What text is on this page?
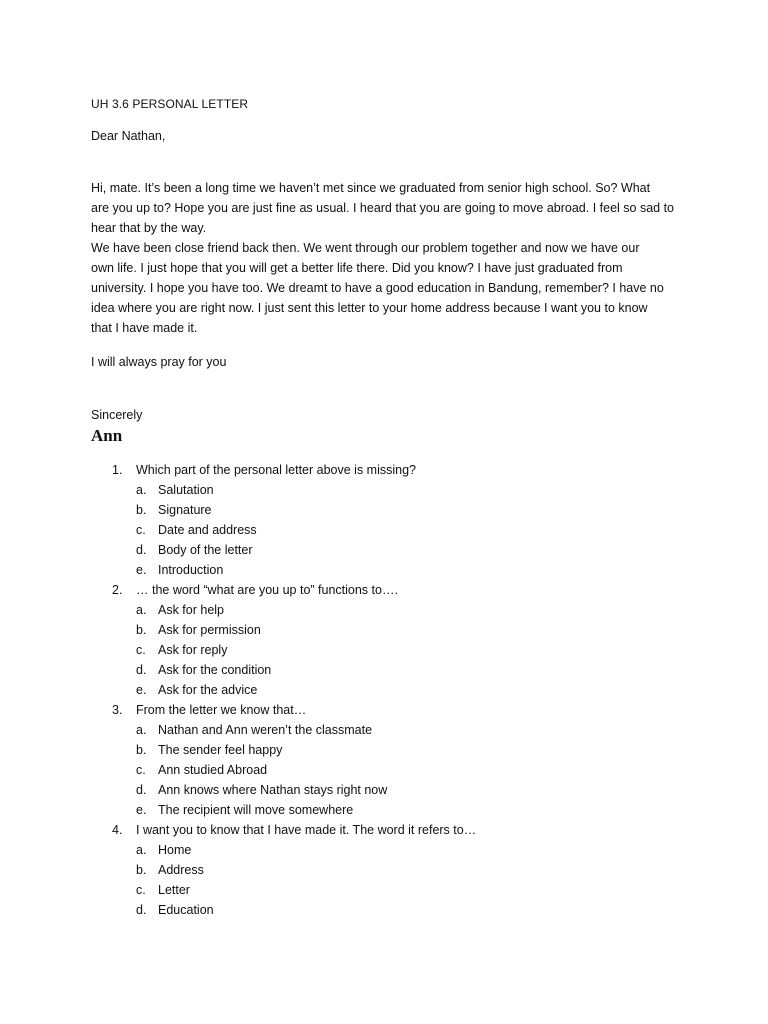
UH 3.6 PERSONAL LETTER
Dear Nathan,

Hi, mate. It’s been a long time we haven’t met since we graduated from senior high school. So? What

are you up to? Hope you are just fine as usual. I heard that you are going to move abroad. I feel so sad to

hear that by the way.

We have been close friend back then. We went through our problem together and now we have our

own life. I just hope that you will get a better life there. Did you know? I have just graduated from

university. I hope you have too. We dreamt to have a good education in Bandung, remember? I have no

idea where you are right now. I just sent this letter to your home address because I want you to know

that I have made it.

I will always pray for you
Sincerely
Ann
1. Which part of the personal letter above is missing?
a. Salutation
b. Signature
c. Date and address
d. Body of the letter
e. Introduction
2. … the word “what are you up to” functions to….
a. Ask for help
b. Ask for permission
c. Ask for reply
d. Ask for the condition
e. Ask for the advice
3. From the letter we know that…
a. Nathan and Ann weren’t the classmate
b. The sender feel happy
c. Ann studied Abroad
d. Ann knows where Nathan stays right now
e. The recipient will move somewhere
4. I want you to know that I have made it. The word it refers to…
a. Home
b. Address
c. Letter
d. Education
